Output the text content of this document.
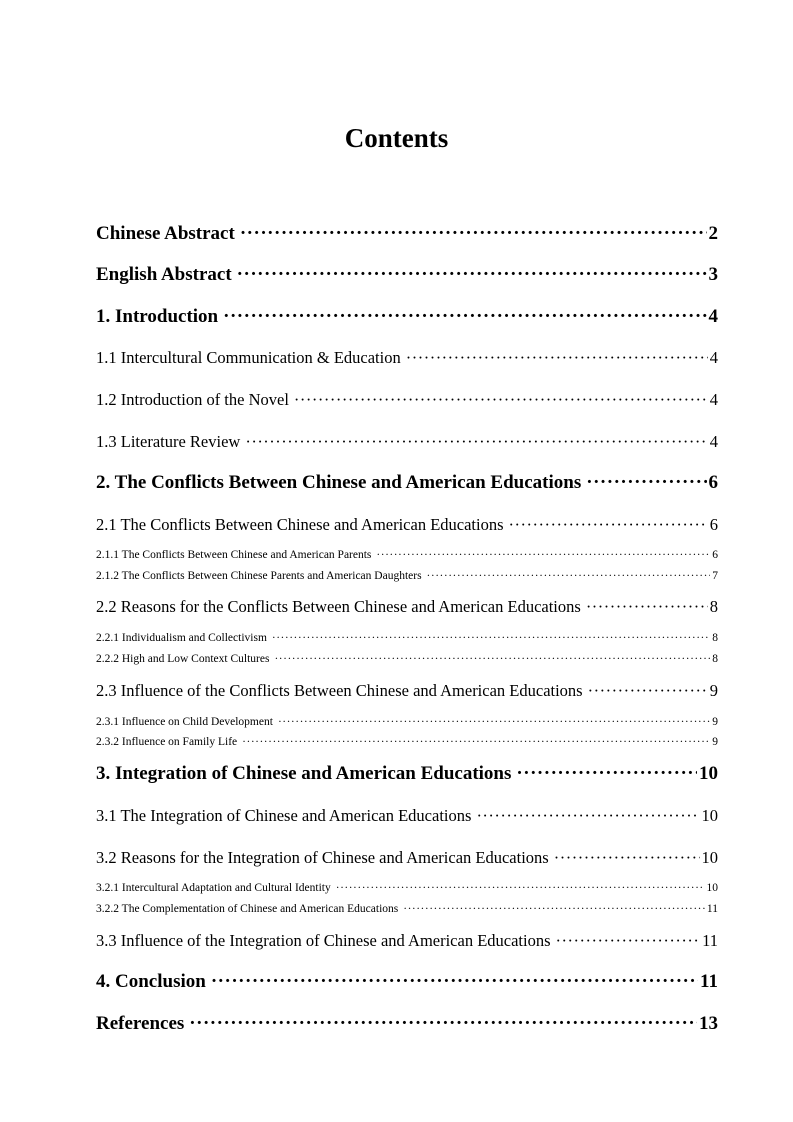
Contents
Chinese Abstract ·····	2
English Abstract ·····	3
1. Introduction ·····	4
1.1 Intercultural Communication & Education ·····	4
1.2 Introduction of the Novel ·····	4
1.3 Literature Review ·····	4
2. The Conflicts Between Chinese and American Educations ·····	6
2.1 The Conflicts Between Chinese and American Educations ·····	6
2.1.1 The Conflicts Between Chinese and American Parents ·····	6
2.1.2 The Conflicts Between Chinese Parents and American Daughters ·····	7
2.2 Reasons for the Conflicts Between Chinese and American Educations ·····	8
2.2.1 Individualism and Collectivism ·····	8
2.2.2 High and Low Context Cultures ·····	8
2.3 Influence of the Conflicts Between Chinese and American Educations ·····	9
2.3.1 Influence on Child Development ·····	9
2.3.2 Influence on Family Life ·····	9
3. Integration of Chinese and American Educations ·····	10
3.1 The Integration of Chinese and American Educations ·····	10
3.2 Reasons for the Integration of Chinese and American Educations ·····	10
3.2.1 Intercultural Adaptation and Cultural Identity ·····	10
3.2.2 The Complementation of Chinese and American Educations ·····	11
3.3 Influence of the Integration of Chinese and American Educations ·····	11
4. Conclusion ·····	11
References ·····	13
